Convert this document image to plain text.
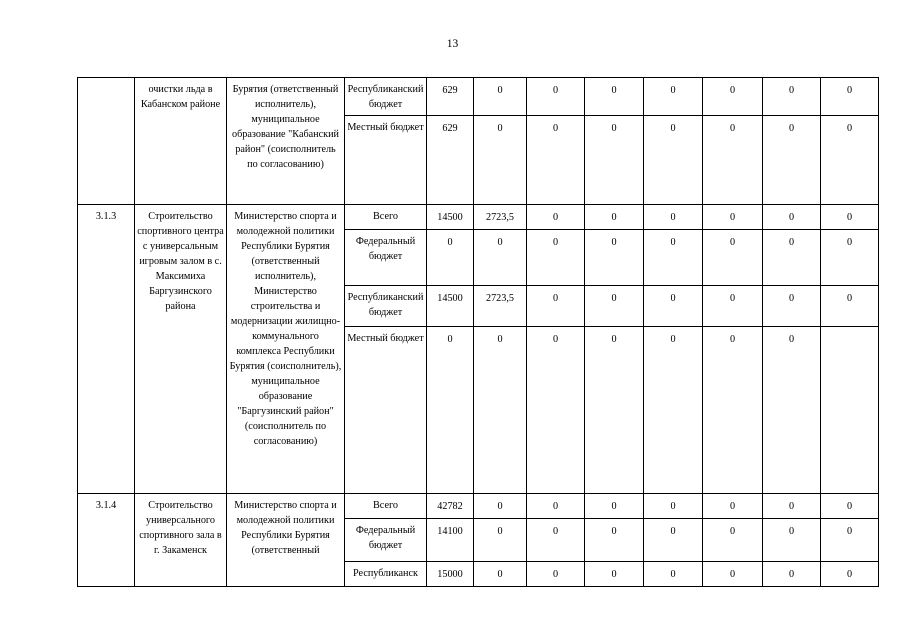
13
	очистки льда в Кабанском районе	Бурятия (ответственный исполнитель), муниципальное образование "Кабанский район" (соисполнитель по согласованию)	Республиканский бюджет	629	0	0	0	0	0	0	0
			Местный бюджет	629	0	0	0	0	0	0	0
3.1.3	Строительство спортивного центра с универсальным игровым залом в с. Максимиха Баргузинского района	Министерство спорта и молодежной политики Республики Бурятия (ответственный исполнитель), Министерство строительства и модернизации жилищно-коммунального комплекса Республики Бурятия (соисполнитель), муниципальное образование "Баргузинский район" (соисполнитель по согласованию)	Всего	14500	2723,5	0	0	0	0	0	0
			Федеральный бюджет	0	0	0	0	0	0	0	0
			Республиканский бюджет	14500	2723,5	0	0	0	0	0	0
			Местный бюджет	0	0	0	0	0	0	0	
3.1.4	Строительство универсального спортивного зала в г. Закаменск	Министерство спорта и молодежной политики Республики Бурятия (ответственный	Всего	42782	0	0	0	0	0	0	0
			Федеральный бюджет	14100	0	0	0	0	0	0	0
			Республиканск	15000	0	0	0	0	0	0	0
